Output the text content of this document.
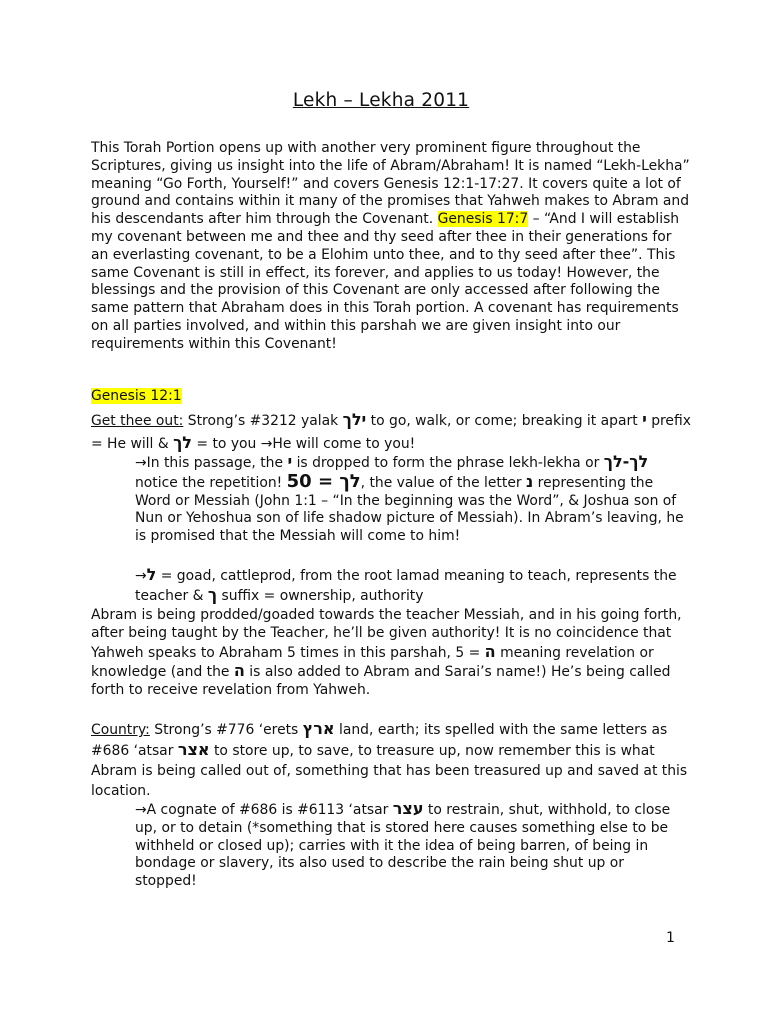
Lekh – Lekha 2011

This Torah Portion opens up with another very prominent figure throughout the Scriptures, giving us insight into the life of Abram/Abraham! It is named “Lekh-Lekha” meaning “Go Forth, Yourself!” and covers Genesis 12:1-17:27. It covers quite a lot of ground and contains within it many of the promises that Yahweh makes to Abram and his descendants after him through the Covenant. Genesis 17:7 – “And I will establish my covenant between me and thee and thy seed after thee in their generations for an everlasting covenant, to be a Elohim unto thee, and to thy seed after thee”. This same Covenant is still in effect, its forever, and applies to us today! However, the blessings and the provision of this Covenant are only accessed after following the same pattern that Abraham does in this Torah portion. A covenant has requirements on all parties involved, and within this parshah we are given insight into our requirements within this Covenant!

Genesis 12:1

Get thee out: Strong’s #3212 yalak ילך to go, walk, or come; breaking it apart י prefix = He will & לך = to you →He will come to you!

→In this passage, the י is dropped to form the phrase lekh-lekha or לך-לך notice the repetition! 50 = לך, the value of the letter נ representing the Word or Messiah (John 1:1 – “In the beginning was the Word”, & Joshua son of Nun or Yehoshua son of life shadow picture of Messiah). In Abram’s leaving, he is promised that the Messiah will come to him!

→ל = goad, cattleprod, from the root lamad meaning to teach, represents the teacher & ך suffix = ownership, authority

Abram is being prodded/goaded towards the teacher Messiah, and in his going forth, after being taught by the Teacher, he’ll be given authority! It is no coincidence that Yahweh speaks to Abraham 5 times in this parshah, 5 = ה meaning revelation or knowledge (and the ה is also added to Abram and Sarai’s name!) He’s being called forth to receive revelation from Yahweh.

Country: Strong’s #776 ‘erets ארץ land, earth; its spelled with the same letters as #686 ‘atsar אצר to store up, to save, to treasure up, now remember this is what Abram is being called out of, something that has been treasured up and saved at this location.

→A cognate of #686 is #6113 ‘atsar עצר to restrain, shut, withhold, to close up, or to detain (*something that is stored here causes something else to be withheld or closed up); carries with it the idea of being barren, of being in bondage or slavery, its also used to describe the rain being shut up or stopped!

1
